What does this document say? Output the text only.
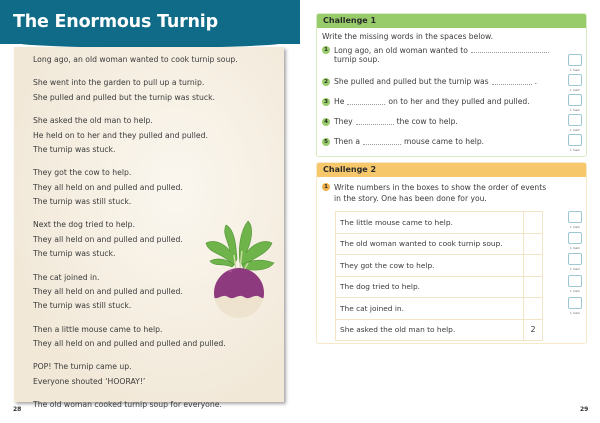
The Enormous Turnip

Long ago, an old woman wanted to cook turnip soup.

She went into the garden to pull up a turnip.

She pulled and pulled but the turnip was stuck.

She asked the old man to help.

He held on to her and they pulled and pulled.

The turnip was stuck.

They got the cow to help.

They all held on and pulled and pulled.

The turnip was still stuck.

Next the dog tried to help.

They all held on and pulled and pulled.

The turnip was stuck.

The cat joined in.

They all held on and pulled and pulled.

The turnip was still stuck.

Then a little mouse came to help.

They all held on and pulled and pulled and pulled.

POP! The turnip came up.

Everyone shouted ‘HOORAY!’

The old woman cooked turnip soup for everyone.

28
Challenge 1
Write the missing words in the spaces below.
1 Long ago, an old woman wanted to
turnip soup.
1 mark
2 She pulled and pulled but the turnip was	.
1 mark
3 He	on to her and they pulled and pulled.
1 mark
4 They	the cow to help.
1 mark
5 Then a	mouse came to help.
1 mark
Challenge 2
1 Write numbers in the boxes to show the order of events
in the story. One has been done for you.
The little mouse came to help.	
The old woman wanted to cook turnip soup.	
They got the cow to help.	
The dog tried to help.	
The cat joined in.	
She asked the old man to help.	2
1 mark
1 mark
1 mark
1 mark
1 mark
29
